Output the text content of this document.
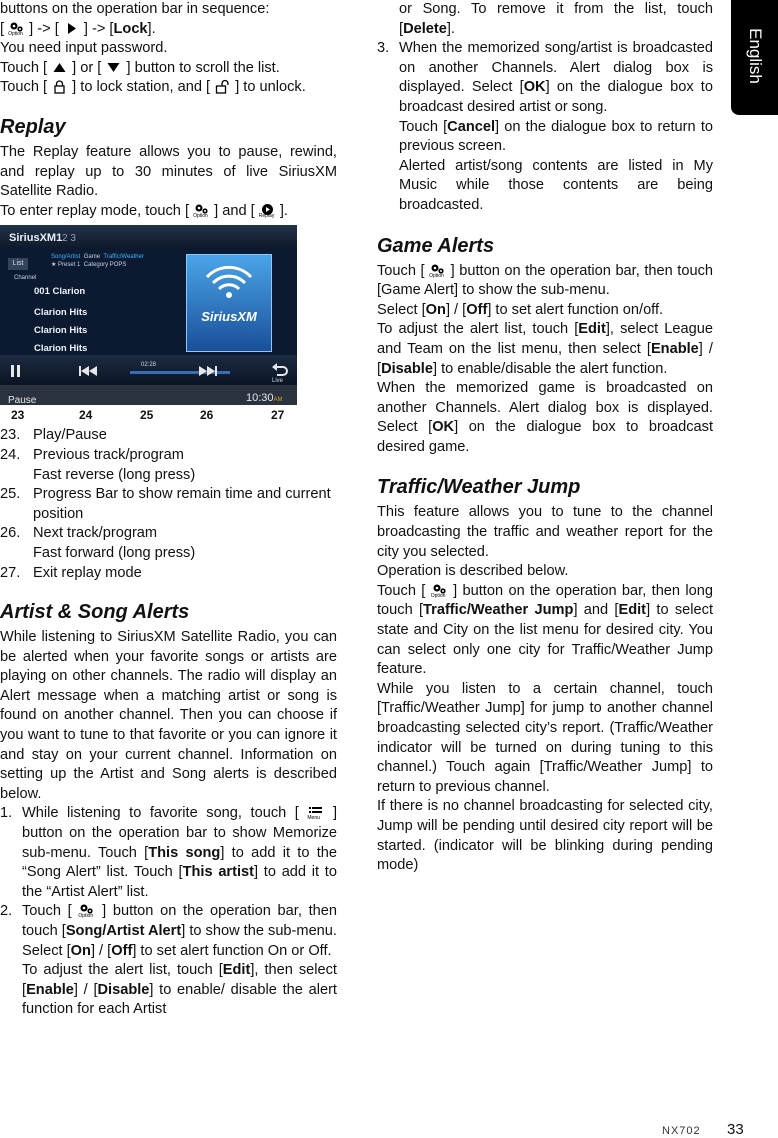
English

buttons on the operation bar in sequence:

[ Option ] -> [
] -> [Lock].

You need input password.

Touch [
] or [
] button to scroll the list.

Touch [
] to lock station, and [
] to unlock.

Replay

The Replay feature allows you to pause, rewind, and replay up to 30 minutes of live SiriusXM Satellite Radio.

To enter replay mode, touch [ Option ] and [ Replay ].

SiriusXM1 2 3
List
Song/Artist Game Traffic/Weather
★ Preset 1 Category POPS
Channel
001 Clarion
Clarion Hits
Clarion Hits
Clarion Hits
SiriusXM
02:28
Live
Pause	10:30AM
23	24	25	26	27
23. Play/Pause
24. Previous track/program
Fast reverse (long press)
25. Progress Bar to show remain time and current position
26. Next track/program
Fast forward (long press)
27. Exit replay mode
Artist & Song Alerts

While listening to SiriusXM Satellite Radio, you can be alerted when your favorite songs or artists are playing on other channels. The radio will display an Alert message when a matching artist or song is found on another channel. Then you can choose if you want to tune to that favorite or you can ignore it and stay on your current channel. Information on setting up the Artist and Song alerts is described below.

1. While listening to favorite song, touch [ Menu ] button on the operation bar to show Memorize sub-menu. Touch [This song] to add it to the “Song Alert” list. Touch [This artist] to add it to the “Artist Alert” list.
2. Touch [ Option ] button on the operation bar, then touch [Song/Artist Alert] to show the sub-menu.

Select [On] / [Off] to set alert function On or Off.

To adjust the alert list, touch [Edit], then select [Enable] / [Disable] to enable/ disable the alert function for each Artist

or Song. To remove it from the list, touch [Delete].

3. When the memorized song/artist is broadcasted on another Channels. Alert dialog box is displayed. Select [OK] on the dialogue box to broadcast desired artist or song.

Touch [Cancel] on the dialogue box to return to previous screen.

Alerted artist/song contents are listed in My Music while those contents are being broadcasted.

Game Alerts

Touch [ Option ] button on the operation bar, then touch [Game Alert] to show the sub-menu.

Select [On] / [Off] to set alert function on/off.

To adjust the alert list, touch [Edit], select League and Team on the list menu, then select [Enable] / [Disable] to enable/disable the alert function.

When the memorized game is broadcasted on another Channels. Alert dialog box is displayed. Select [OK] on the dialogue box to broadcast desired game.

Traffic/Weather Jump

This feature allows you to tune to the channel broadcasting the traffic and weather report for the city you selected.

Operation is described below.

Touch [ Option ] button on the operation bar, then long touch [Traffic/Weather Jump] and [Edit] to select state and City on the list menu for desired city. You can select only one city for Traffic/Weather Jump feature.

While you listen to a certain channel, touch [Traffic/Weather Jump] for jump to another channel broadcasting selected city’s report. (Traffic/Weather indicator will be turned on during tuning to this channel.) Touch again [Traffic/Weather Jump] to return to previous channel.

If there is no channel broadcasting for selected city, Jump will be pending until desired city report will be started. (indicator will be blinking during pending mode)

NX702 33
